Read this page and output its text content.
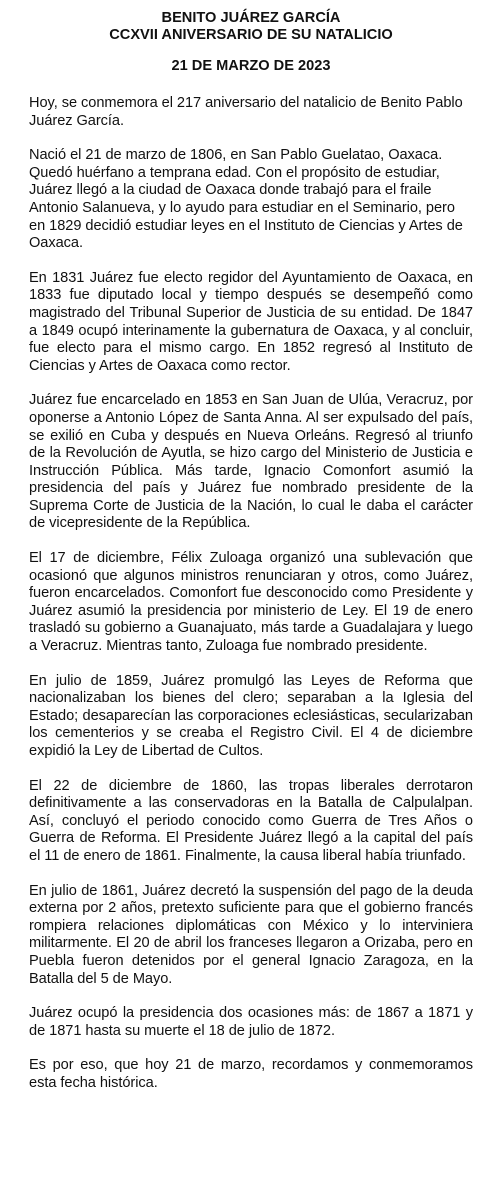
BENITO JUÁREZ GARCÍA

CCXVII ANIVERSARIO DE SU NATALICIO

21 DE MARZO DE 2023

Hoy, se conmemora el 217 aniversario del natalicio de Benito Pablo Juárez García.

Nació el 21 de marzo de 1806, en San Pablo Guelatao, Oaxaca. Quedó huérfano a temprana edad. Con el propósito de estudiar, Juárez llegó a la ciudad de Oaxaca donde trabajó para el fraile Antonio Salanueva, y lo ayudo para estudiar en el Seminario, pero en 1829 decidió estudiar leyes en el Instituto de Ciencias y Artes de Oaxaca.

En 1831 Juárez fue electo regidor del Ayuntamiento de Oaxaca, en 1833 fue diputado local y tiempo después se desempeñó como magistrado del Tribunal Superior de Justicia de su entidad. De 1847 a 1849 ocupó interinamente la gubernatura de Oaxaca, y al concluir, fue electo para el mismo cargo. En 1852 regresó al Instituto de Ciencias y Artes de Oaxaca como rector.

Juárez fue encarcelado en 1853 en San Juan de Ulúa, Veracruz, por oponerse a Antonio López de Santa Anna. Al ser expulsado del país, se exilió en Cuba y después en Nueva Orleáns. Regresó al triunfo de la Revolución de Ayutla, se hizo cargo del Ministerio de Justicia e Instrucción Pública. Más tarde, Ignacio Comonfort asumió la presidencia del país y Juárez fue nombrado presidente de la Suprema Corte de Justicia de la Nación, lo cual le daba el carácter de vicepresidente de la República.

El 17 de diciembre, Félix Zuloaga organizó una sublevación que ocasionó que algunos ministros renunciaran y otros, como Juárez, fueron encarcelados. Comonfort fue desconocido como Presidente y Juárez asumió la presidencia por ministerio de Ley. El 19 de enero trasladó su gobierno a Guanajuato, más tarde a Guadalajara y luego a Veracruz. Mientras tanto, Zuloaga fue nombrado presidente.

En julio de 1859, Juárez promulgó las Leyes de Reforma que nacionalizaban los bienes del clero; separaban a la Iglesia del Estado; desaparecían las corporaciones eclesiásticas, secularizaban los cementerios y se creaba el Registro Civil. El 4 de diciembre expidió la Ley de Libertad de Cultos.

El 22 de diciembre de 1860, las tropas liberales derrotaron definitivamente a las conservadoras en la Batalla de Calpulalpan. Así, concluyó el periodo conocido como Guerra de Tres Años o Guerra de Reforma. El Presidente Juárez llegó a la capital del país el 11 de enero de 1861. Finalmente, la causa liberal había triunfado.

En julio de 1861, Juárez decretó la suspensión del pago de la deuda externa por 2 años, pretexto suficiente para que el gobierno francés rompiera relaciones diplomáticas con México y lo interviniera militarmente. El 20 de abril los franceses llegaron a Orizaba, pero en Puebla fueron detenidos por el general Ignacio Zaragoza, en la Batalla del 5 de Mayo.

Juárez ocupó la presidencia dos ocasiones más: de 1867 a 1871 y de 1871 hasta su muerte el 18 de julio de 1872.

Es por eso, que hoy 21 de marzo, recordamos y conmemoramos esta fecha histórica.
